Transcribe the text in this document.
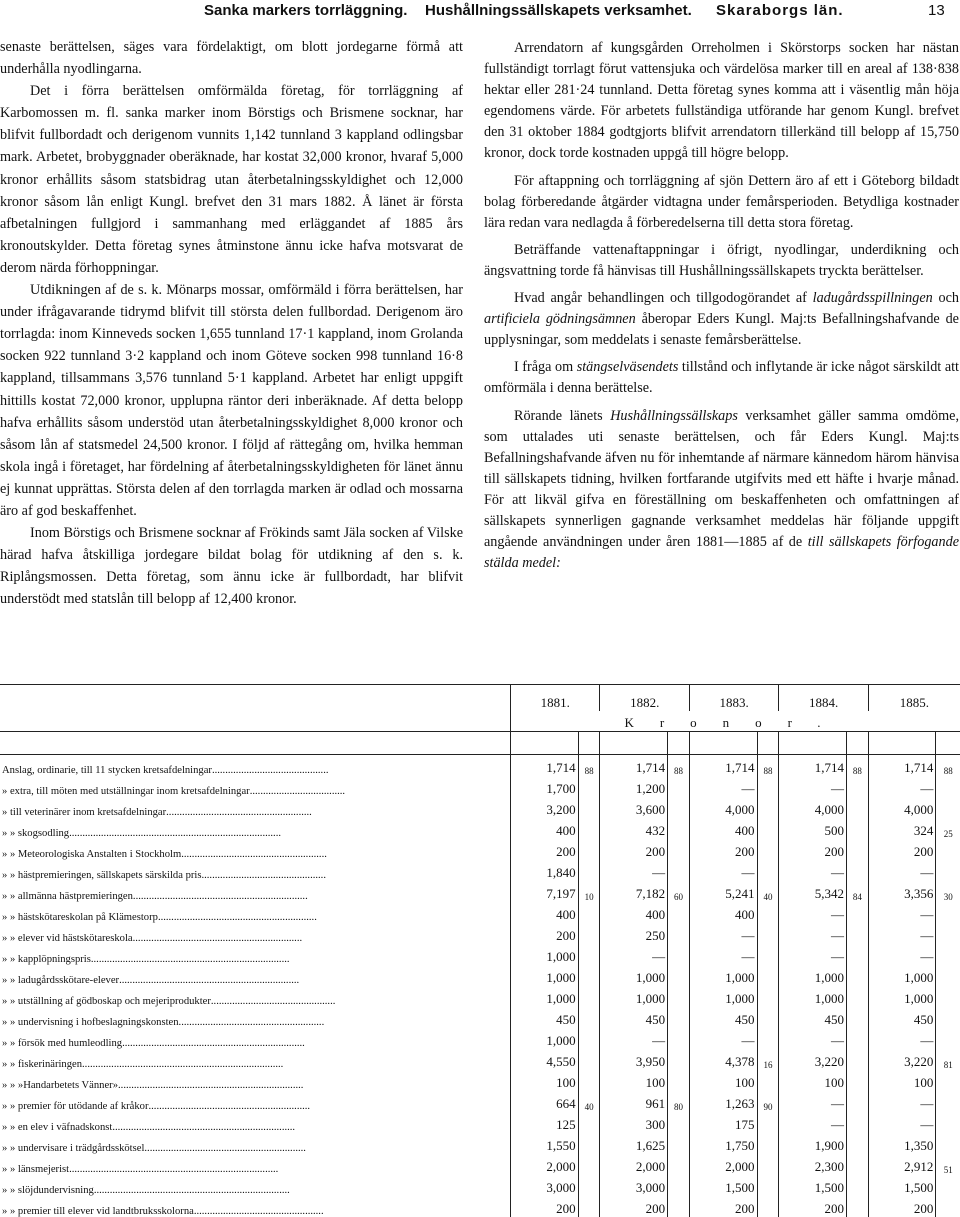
Sanka markers torrläggning. Hushållningssällskapets verksamhet. Skaraborgs län.	13

senaste berättelsen, säges vara fördelaktigt, om blott jordegarne förmå att underhålla nyodlingarna.

Det i förra berättelsen omförmälda företag, för torrläggning af Karbomossen m. fl. sanka marker inom Börstigs och Brismene socknar, har blifvit fullbordadt och derigenom vunnits 1,142 tunnland 3 kappland odlingsbar mark. Arbetet, brobyggnader oberäknade, har kostat 32,000 kronor, hvaraf 5,000 kronor erhållits såsom statsbidrag utan återbetalningsskyldighet och 12,000 kronor såsom lån enligt Kungl. brefvet den 31 mars 1882. Å länet är första afbetalningen fullgjord i sammanhang med erläggandet af 1885 års kronoutskylder. Detta företag synes åtminstone ännu icke hafva motsvarat de derom närda förhoppningar.

Utdikningen af de s. k. Mönarps mossar, omförmäld i förra berättelsen, har under ifrågavarande tidrymd blifvit till största delen fullbordad. Derigenom äro torrlagda: inom Kinneveds socken 1,655 tunnland 17·1 kappland, inom Grolanda socken 922 tunnland 3·2 kappland och inom Göteve socken 998 tunnland 16·8 kappland, tillsammans 3,576 tunnland 5·1 kappland. Arbetet har enligt uppgift hittills kostat 72,000 kronor, upplupna räntor deri inberäknade. Af detta belopp hafva erhållits såsom understöd utan återbetalningsskyldighet 8,000 kronor och såsom lån af statsmedel 24,500 kronor. I följd af rättegång om, hvilka hemman skola ingå i företaget, har fördelning af återbetalningsskyldigheten för länet ännu ej kunnat upprättas. Största delen af den torrlagda marken är odlad och mossarna äro af god beskaffenhet.

Inom Börstigs och Brismene socknar af Frökinds samt Jäla socken af Vilske härad hafva åtskilliga jordegare bildat bolag för utdikning af den s. k. Riplångsmossen. Detta företag, som ännu icke är fullbordadt, har blifvit understödt med statslån till belopp af 12,400 kronor.

Arrendatorn af kungsgården Orreholmen i Skörstorps socken har nästan fullständigt torrlagt förut vattensjuka och värdelösa marker till en areal af 138·838 hektar eller 281·24 tunnland. Detta företag synes komma att i väsentlig mån höja egendomens värde. För arbetets fullständiga utförande har genom Kungl. brefvet den 31 oktober 1884 godtgjorts blifvit arrendatorn tillerkänd till belopp af 15,750 kronor, dock torde kostnaden uppgå till högre belopp.

För aftappning och torrläggning af sjön Dettern äro af ett i Göteborg bildadt bolag förberedande åtgärder vidtagna under femårsperioden. Betydliga kostnader lära redan vara nedlagda å förberedelserna till detta stora företag.

Beträffande vattenaftappningar i öfrigt, nyodlingar, underdikning och ängsvattning torde få hänvisas till Hushållningssällskapets tryckta berättelser.

Hvad angår behandlingen och tillgodogörandet af ladugårdsspillningen och artificiela gödningsämnen åberopar Eders Kungl. Maj:ts Befallningshafvande de upplysningar, som meddelats i senaste femårsberättelse.

I fråga om stängselväsendets tillstånd och inflytande är icke något särskildt att omförmäla i denna berättelse.

Rörande länets Hushållningssällskaps verksamhet gäller samma omdöme, som uttalades uti senaste berättelsen, och får Eders Kungl. Maj:ts Befallningshafvande äfven nu för inhemtande af närmare kännedom härom hänvisa till sällskapets tidning, hvilken fortfarande utgifvits med ett häfte i hvarje månad. För att likväl gifva en föreställning om beskaffenheten och omfattningen af sällskapets synnerligen gagnande verksamhet meddelas här följande uppgift angående användningen under åren 1881—1885 af de till sällskapets förfogande stälda medel:

	1881.		1882.		1883.		1884.		1885.	
	Kronor.									

Anslag, ordinarie, till 11 stycken kretsafdelningar............................................	1,714	88	1,714	88	1,714	88	1,714	88	1,714	88
» extra, till möten med utställningar inom kretsafdelningar....................................	1,700		1,200		—		—		—	
» till veterinärer inom kretsafdelningar.......................................................	3,200		3,600		4,000		4,000		4,000	
» » skogsodling................................................................................	400		432		400		500		324	25
» » Meteorologiska Anstalten i Stockholm.......................................................	200		200		200		200		200	
» » hästpremieringen, sällskapets särskilda pris...............................................	1,840		—		—		—		—	
» » allmänna hästpremieringen..................................................................	7,197	10	7,182	60	5,241	40	5,342	84	3,356	30
» » hästskötareskolan på Klämestorp............................................................	400		400		400		—		—	
» » elever vid hästskötareskola................................................................	200		250		—		—		—	
» » kapplöpningspris...........................................................................	1,000		—		—		—		—	
» » ladugårdsskötare-elever....................................................................	1,000		1,000		1,000		1,000		1,000	
» » utställning af gödboskap och mejeriprodukter...............................................	1,000		1,000		1,000		1,000		1,000	
» » undervisning i hofbeslagningskonsten.......................................................	450		450		450		450		450	
» » försök med humleodling.....................................................................	1,000		—		—		—		—	
» » fiskerinäringen............................................................................	4,550		3,950		4,378	16	3,220		3,220	81
» » »Handarbetets Vänner»......................................................................	100		100		100		100		100	
» » premier för utödande af kråkor.............................................................	664	40	961	80	1,263	90	—		—	
» » en elev i väfnadskonst.....................................................................	125		300		175		—		—	
» » undervisare i trädgårdsskötsel.............................................................	1,550		1,625		1,750		1,900		1,350	
» » länsmejerist...............................................................................	2,000		2,000		2,000		2,300		2,912	51
» » slöjdundervisning..........................................................................	3,000		3,000		1,500		1,500		1,500	
» » premier till elever vid landtbruksskolorna.................................................	200		200		200		200		200	
